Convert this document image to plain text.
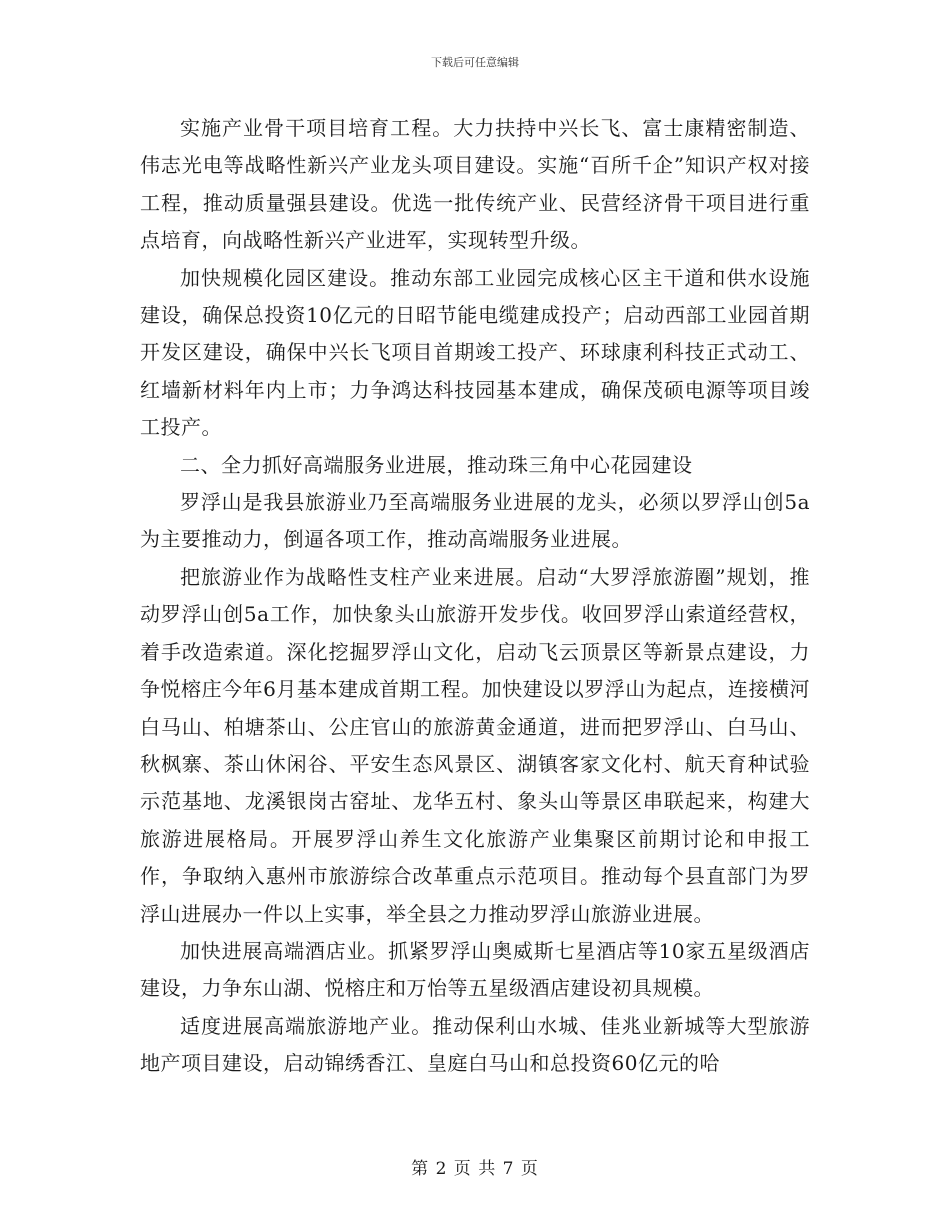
下载后可任意编辑

实施产业骨干项目培育工程。大力扶持中兴长飞、富士康精密制造、伟志光电等战略性新兴产业龙头项目建设。实施“百所千企”知识产权对接工程，推动质量强县建设。优选一批传统产业、民营经济骨干项目进行重点培育，向战略性新兴产业进军，实现转型升级。

加快规模化园区建设。推动东部工业园完成核心区主干道和供水设施建设，确保总投资10亿元的日昭节能电缆建成投产；启动西部工业园首期开发区建设，确保中兴长飞项目首期竣工投产、环球康利科技正式动工、红墙新材料年内上市；力争鸿达科技园基本建成，确保茂硕电源等项目竣工投产。

二、全力抓好高端服务业进展，推动珠三角中心花园建设

罗浮山是我县旅游业乃至高端服务业进展的龙头，必须以罗浮山创5a为主要推动力，倒逼各项工作，推动高端服务业进展。

把旅游业作为战略性支柱产业来进展。启动“大罗浮旅游圈”规划，推动罗浮山创5a工作，加快象头山旅游开发步伐。收回罗浮山索道经营权，着手改造索道。深化挖掘罗浮山文化，启动飞云顶景区等新景点建设，力争悦榕庄今年6月基本建成首期工程。加快建设以罗浮山为起点，连接横河白马山、柏塘茶山、公庄官山的旅游黄金通道，进而把罗浮山、白马山、秋枫寨、茶山休闲谷、平安生态风景区、湖镇客家文化村、航天育种试验示范基地、龙溪银岗古窑址、龙华五村、象头山等景区串联起来，构建大旅游进展格局。开展罗浮山养生文化旅游产业集聚区前期讨论和申报工作，争取纳入惠州市旅游综合改革重点示范项目。推动每个县直部门为罗浮山进展办一件以上实事，举全县之力推动罗浮山旅游业进展。

加快进展高端酒店业。抓紧罗浮山奥威斯七星酒店等10家五星级酒店建设，力争东山湖、悦榕庄和万怡等五星级酒店建设初具规模。

适度进展高端旅游地产业。推动保利山水城、佳兆业新城等大型旅游地产项目建设，启动锦绣香江、皇庭白马山和总投资60亿元的哈

第 2 页 共 7 页
